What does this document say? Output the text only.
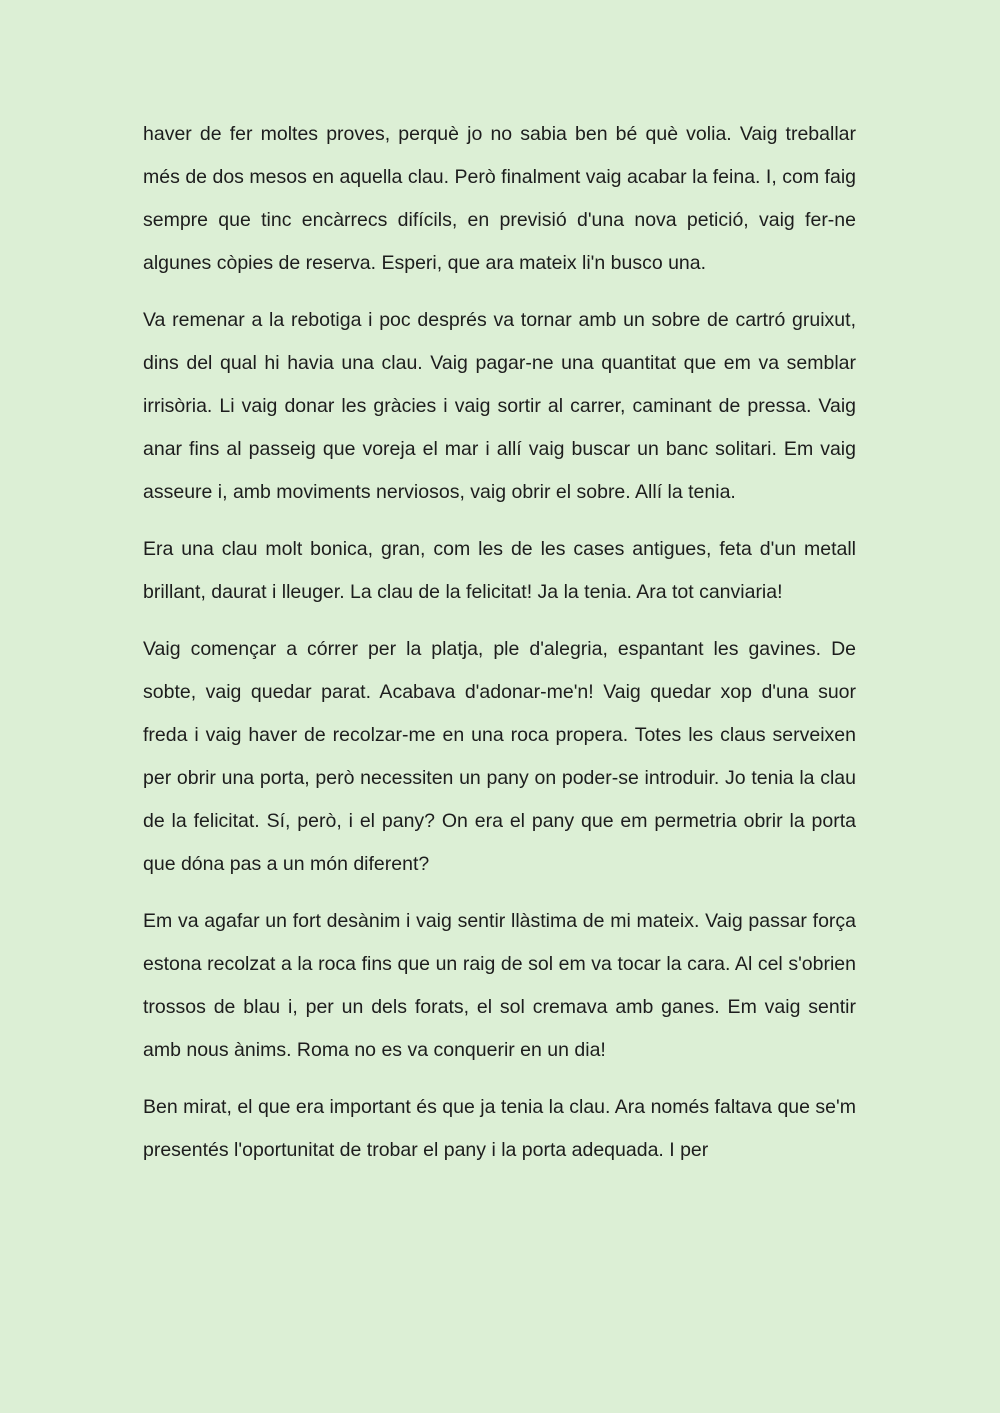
haver de fer moltes proves, perquè jo no sabia ben bé què volia. Vaig treballar més de dos mesos en aquella clau. Però finalment vaig acabar la feina. I, com faig sempre que tinc encàrrecs difícils, en previsió d'una nova petició, vaig fer-ne algunes còpies de reserva. Esperi, que ara mateix li'n busco una.

Va remenar a la rebotiga i poc després va tornar amb un sobre de cartró gruixut, dins del qual hi havia una clau. Vaig pagar-ne una quantitat que em va semblar irrisòria. Li vaig donar les gràcies i vaig sortir al carrer, caminant de pressa. Vaig anar fins al passeig que voreja el mar i allí vaig buscar un banc solitari. Em vaig asseure i, amb moviments nerviosos, vaig obrir el sobre. Allí la tenia.

Era una clau molt bonica, gran, com les de les cases antigues, feta d'un metall brillant, daurat i lleuger. La clau de la felicitat! Ja la tenia. Ara tot canviaria!

Vaig començar a córrer per la platja, ple d'alegria, espantant les gavines. De sobte, vaig quedar parat. Acabava d'adonar-me'n! Vaig quedar xop d'una suor freda i vaig haver de recolzar-me en una roca propera. Totes les claus serveixen per obrir una porta, però necessiten un pany on poder-se introduir. Jo tenia la clau de la felicitat. Sí, però, i el pany? On era el pany que em permetria obrir la porta que dóna pas a un món diferent?

Em va agafar un fort desànim i vaig sentir llàstima de mi mateix. Vaig passar força estona recolzat a la roca fins que un raig de sol em va tocar la cara. Al cel s'obrien trossos de blau i, per un dels forats, el sol cremava amb ganes. Em vaig sentir amb nous ànims. Roma no es va conquerir en un dia!

Ben mirat, el que era important és que ja tenia la clau. Ara només faltava que se'm presentés l'oportunitat de trobar el pany i la porta adequada. I per
